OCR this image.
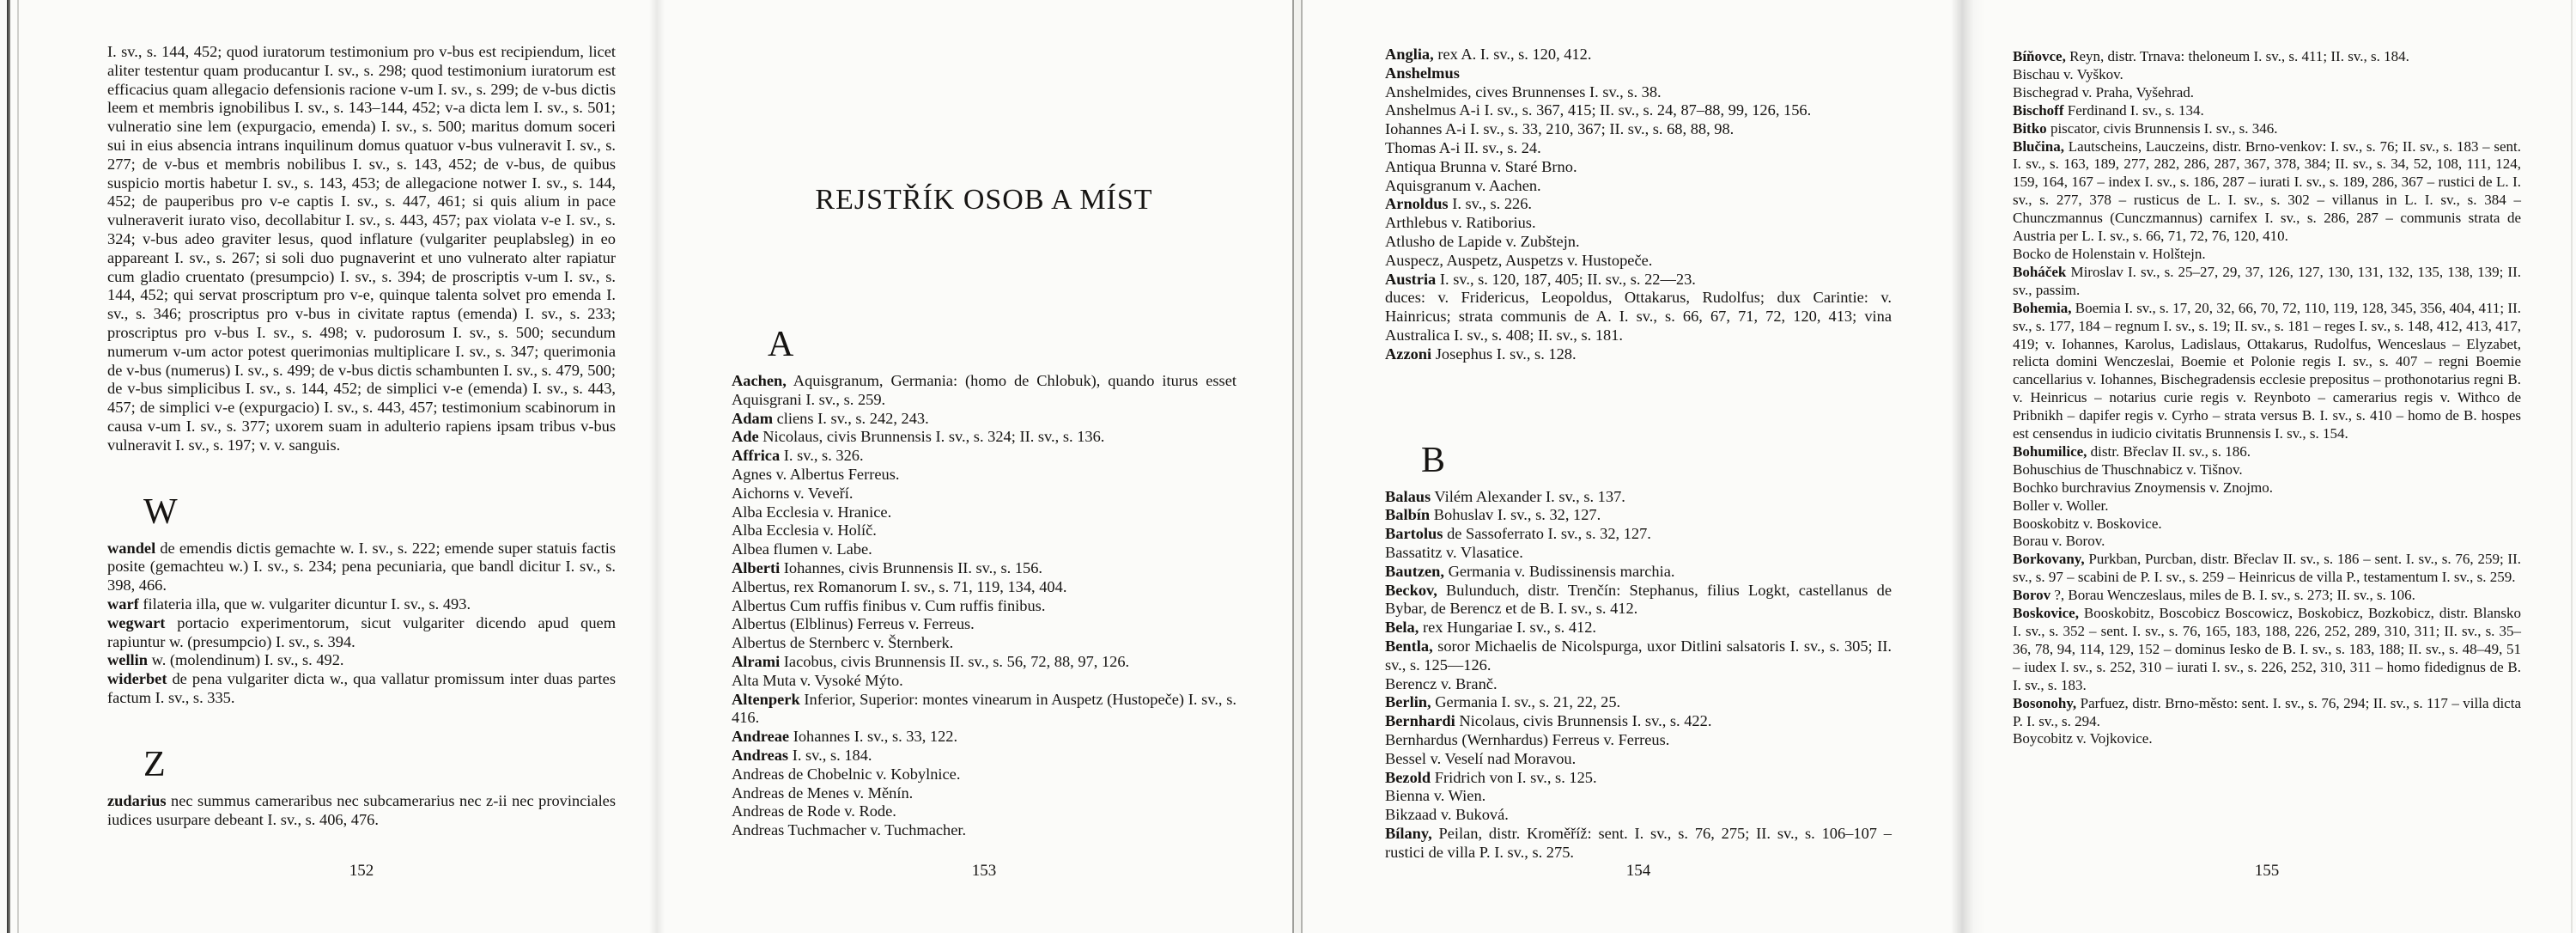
I. sv., s. 144, 452; quod iuratorum testimonium pro v-bus est recipiendum, licet aliter testentur quam producantur I. sv., s. 298; quod testimonium iuratorum est efficacius quam allegacio defensionis racione v-um I. sv., s. 299; de v-bus dictis leem et membris ignobilibus I. sv., s. 143–144, 452; v-a dicta lem I. sv., s. 501; vulneratio sine lem (expurgacio, emenda) I. sv., s. 500; maritus domum soceri sui in eius absencia intrans inquilinum domus quatuor v-bus vulneravit I. sv., s. 277; de v-bus et membris nobilibus I. sv., s. 143, 452; de v-bus, de quibus suspicio mortis habetur I. sv., s. 143, 453; de allegacione notwer I. sv., s. 144, 452; de pauperibus pro v-e captis I. sv., s. 447, 461; si quis alium in pace vulneraverit iurato viso, decollabitur I. sv., s. 443, 457; pax violata v-e I. sv., s. 324; v-bus adeo graviter lesus, quod inflature (vulgariter peuplabsleg) in eo appareant I. sv., s. 267; si soli duo pugnaverint et uno vulnerato alter rapiatur cum gladio cruentato (presumpcio) I. sv., s. 394; de proscriptis v-um I. sv., s. 144, 452; qui servat proscriptum pro v-e, quinque talenta solvet pro emenda I. sv., s. 346; proscriptus pro v-bus in civitate raptus (emenda) I. sv., s. 233; proscriptus pro v-bus I. sv., s. 498; v. pudorosum I. sv., s. 500; secundum numerum v-um actor potest querimonias multiplicare I. sv., s. 347; querimonia de v-bus (numerus) I. sv., s. 499; de v-bus dictis schambunten I. sv., s. 479, 500; de v-bus simplicibus I. sv., s. 144, 452; de simplici v-e (emenda) I. sv., s. 443, 457; de simplici v-e (expurgacio) I. sv., s. 443, 457; testimonium scabinorum in causa v-um I. sv., s. 377; uxorem suam in adulterio rapiens ipsam tribus v-bus vulneravit I. sv., s. 197; v. v. sanguis.

W

wandel de emendis dictis gemachte w. I. sv., s. 222; emende super statuis factis posite (gemachteu w.) I. sv., s. 234; pena pecuniaria, que bandl dicitur I. sv., s. 398, 466.

warf filateria illa, que w. vulgariter dicuntur I. sv., s. 493.

wegwart portacio experimentorum, sicut vulgariter dicendo apud quem rapiuntur w. (presumpcio) I. sv., s. 394.

wellin w. (molendinum) I. sv., s. 492.

widerbet de pena vulgariter dicta w., qua vallatur promissum inter duas partes factum I. sv., s. 335.

Z

zudarius nec summus cameraribus nec subcamerarius nec z-ii nec provinciales iudices usurpare debeant I. sv., s. 406, 476.

152
REJSTŘÍK OSOB A MÍST
A

Aachen, Aquisgranum, Germania: (homo de Chlobuk), quando iturus esset Aquisgrani I. sv., s. 259.

Adam cliens I. sv., s. 242, 243.

Ade Nicolaus, civis Brunnensis I. sv., s. 324; II. sv., s. 136.

Affrica I. sv., s. 326.

Agnes v. Albertus Ferreus.

Aichorns v. Veveří.

Alba Ecclesia v. Hranice.

Alba Ecclesia v. Holíč.

Albea flumen v. Labe.

Alberti Iohannes, civis Brunnensis II. sv., s. 156.

Albertus, rex Romanorum I. sv., s. 71, 119, 134, 404.

Albertus Cum ruffis finibus v. Cum ruffis finibus.

Albertus (Elblinus) Ferreus v. Ferreus.

Albertus de Sternberc v. Šternberk.

Alrami Iacobus, civis Brunnensis II. sv., s. 56, 72, 88, 97, 126.

Alta Muta v. Vysoké Mýto.

Altenperk Inferior, Superior: montes vinearum in Auspetz (Hustopeče) I. sv., s. 416.

Andreae Iohannes I. sv., s. 33, 122.

Andreas I. sv., s. 184.

Andreas de Chobelnic v. Kobylnice.

Andreas de Menes v. Měnín.

Andreas de Rode v. Rode.

Andreas Tuchmacher v. Tuchmacher.

153

Anglia, rex A. I. sv., s. 120, 412.

Anshelmus

Anshelmides, cives Brunnenses I. sv., s. 38.

Anshelmus A-i I. sv., s. 367, 415; II. sv., s. 24, 87–88, 99, 126, 156.

Iohannes A-i I. sv., s. 33, 210, 367; II. sv., s. 68, 88, 98.

Thomas A-i II. sv., s. 24.

Antiqua Brunna v. Staré Brno.

Aquisgranum v. Aachen.

Arnoldus I. sv., s. 226.

Arthlebus v. Ratiborius.

Atlusho de Lapide v. Zubštejn.

Auspecz, Auspetz, Auspetzs v. Hustopeče.

Austria I. sv., s. 120, 187, 405; II. sv., s. 22—23.

duces: v. Fridericus, Leopoldus, Ottakarus, Rudolfus; dux Carintie: v. Hainricus; strata communis de A. I. sv., s. 66, 67, 71, 72, 120, 413; vina Australica I. sv., s. 408; II. sv., s. 181.

Azzoni Josephus I. sv., s. 128.

B

Balaus Vilém Alexander I. sv., s. 137.

Balbín Bohuslav I. sv., s. 32, 127.

Bartolus de Sassoferrato I. sv., s. 32, 127.

Bassatitz v. Vlasatice.

Bautzen, Germania v. Budissinensis marchia.

Beckov, Bulunduch, distr. Trenčín: Stephanus, filius Logkt, castellanus de Bybar, de Berencz et de B. I. sv., s. 412.

Bela, rex Hungariae I. sv., s. 412.

Bentla, soror Michaelis de Nicolspurga, uxor Ditlini salsatoris I. sv., s. 305; II. sv., s. 125—126.

Berencz v. Branč.

Berlin, Germania I. sv., s. 21, 22, 25.

Bernhardi Nicolaus, civis Brunnensis I. sv., s. 422.

Bernhardus (Wernhardus) Ferreus v. Ferreus.

Bessel v. Veselí nad Moravou.

Bezold Fridrich von I. sv., s. 125.

Bienna v. Wien.

Bikzaad v. Buková.

Bílany, Peilan, distr. Kroměříž: sent. I. sv., s. 76, 275; II. sv., s. 106–107 – rustici de villa P. I. sv., s. 275.

154

Bíňovce, Reyn, distr. Trnava: theloneum I. sv., s. 411; II. sv., s. 184.

Bischau v. Vyškov.

Bischegrad v. Praha, Vyšehrad.

Bischoff Ferdinand I. sv., s. 134.

Bitko piscator, civis Brunnensis I. sv., s. 346.

Blučina, Lautscheins, Lauczeins, distr. Brno-venkov: I. sv., s. 76; II. sv., s. 183 – sent. I. sv., s. 163, 189, 277, 282, 286, 287, 367, 378, 384; II. sv., s. 34, 52, 108, 111, 124, 159, 164, 167 – index I. sv., s. 186, 287 – iurati I. sv., s. 189, 286, 367 – rustici de L. I. sv., s. 277, 378 – rusticus de L. I. sv., s. 302 – villanus in L. I. sv., s. 384 – Chunczmannus (Cunczmannus) carnifex I. sv., s. 286, 287 – communis strata de Austria per L. I. sv., s. 66, 71, 72, 76, 120, 410.

Bocko de Holenstain v. Holštejn.

Boháček Miroslav I. sv., s. 25–27, 29, 37, 126, 127, 130, 131, 132, 135, 138, 139; II. sv., passim.

Bohemia, Boemia I. sv., s. 17, 20, 32, 66, 70, 72, 110, 119, 128, 345, 356, 404, 411; II. sv., s. 177, 184 – regnum I. sv., s. 19; II. sv., s. 181 – reges I. sv., s. 148, 412, 413, 417, 419; v. Iohannes, Karolus, Ladislaus, Ottakarus, Rudolfus, Wenceslaus – Elyzabet, relicta domini Wenczeslai, Boemie et Polonie regis I. sv., s. 407 – regni Boemie cancellarius v. Iohannes, Bischegradensis ecclesie prepositus – prothonotarius regni B. v. Heinricus – notarius curie regis v. Reynboto – camerarius regis v. Withco de Pribnikh – dapifer regis v. Cyrho – strata versus B. I. sv., s. 410 – homo de B. hospes est censendus in iudicio civitatis Brunnensis I. sv., s. 154.

Bohumilice, distr. Břeclav II. sv., s. 186.

Bohuschius de Thuschnabicz v. Tišnov.

Bochko burchravius Znoymensis v. Znojmo.

Boller v. Woller.

Booskobitz v. Boskovice.

Borau v. Borov.

Borkovany, Purkban, Purcban, distr. Břeclav II. sv., s. 186 – sent. I. sv., s. 76, 259; II. sv., s. 97 – scabini de P. I. sv., s. 259 – Heinricus de villa P., testamentum I. sv., s. 259.

Borov ?, Borau Wenczeslaus, miles de B. I. sv., s. 273; II. sv., s. 106.

Boskovice, Booskobitz, Boscobicz Boscowicz, Boskobicz, Bozkobicz, distr. Blansko I. sv., s. 352 – sent. I. sv., s. 76, 165, 183, 188, 226, 252, 289, 310, 311; II. sv., s. 35–36, 78, 94, 114, 129, 152 – dominus Iesko de B. I. sv., s. 183, 188; II. sv., s. 48–49, 51 – iudex I. sv., s. 252, 310 – iurati I. sv., s. 226, 252, 310, 311 – homo fidedignus de B. I. sv., s. 183.

Bosonohy, Parfuez, distr. Brno-město: sent. I. sv., s. 76, 294; II. sv., s. 117 – villa dicta P. I. sv., s. 294.

Boycobitz v. Vojkovice.

155
